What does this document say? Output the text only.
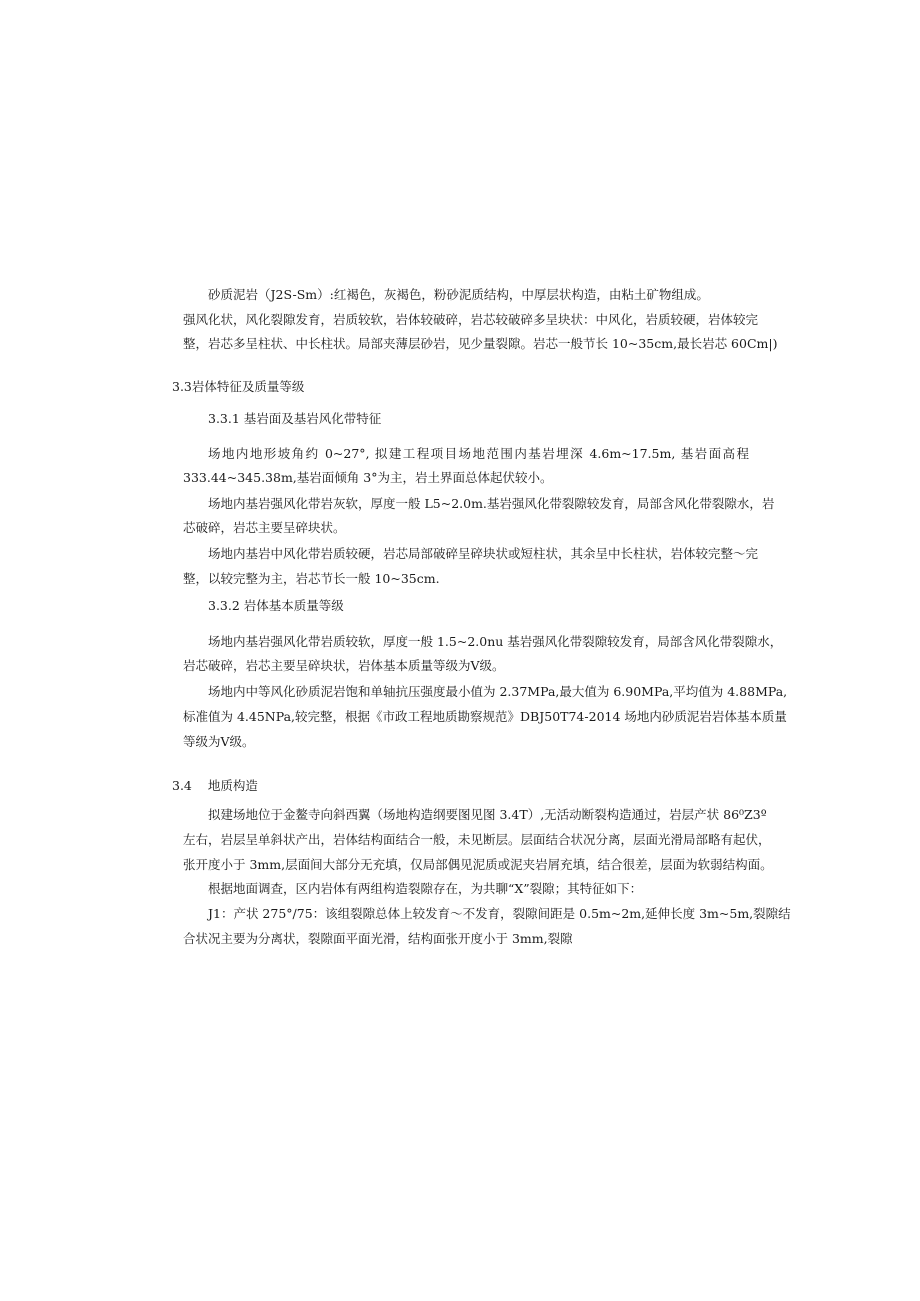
砂质泥岩（J2S-Sm）:红褐色，灰褐色，粉砂泥质结构，中厚层状构造，由粘土矿物组成。
强风化状，风化裂隙发育，岩质较软，岩体较破碎，岩芯较破碎多呈块状：中风化，岩质较硬，岩体较完
整，岩芯多呈柱状、中长柱状。局部夹薄层砂岩，见少量裂隙。岩芯一般节长 10~35cm,最长岩芯 60Cm|)
3.3岩体特征及质量等级
3.3.1 基岩面及基岩风化带特征
场地内地形坡角约 0~27°, 拟建工程项目场地范围内基岩埋深 4.6m~17.5m, 基岩面高程
333.44~345.38m,基岩面倾角 3°为主，岩土界面总体起伏较小。
场地内基岩强风化带岩灰软，厚度一般 L5~2.0m.基岩强风化带裂隙较发育，局部含风化带裂隙水，岩
芯破碎，岩芯主要呈碎块状。
场地内基岩中风化带岩质较硬，岩芯局部破碎呈碎块状或短柱状，其余呈中长柱状，岩体较完整～完
整，以较完整为主，岩芯节长一般 10~35cm.
3.3.2 岩体基本质量等级
场地内基岩强风化带岩质较软，厚度一般 1.5~2.0nu 基岩强风化带裂隙较发育，局部含风化带裂隙水，
岩芯破碎，岩芯主要呈碎块状，岩体基本质量等级为Ⅴ级。
场地内中等风化砂质泥岩饱和单轴抗压强度最小值为 2.37MPa,最大值为 6.90MPa,平均值为 4.88MPa,
标准值为 4.45NPa,较完整，根据《市政工程地质勘察规范》DBJ50T74-2014 场地内砂质泥岩岩体基本质量
等级为Ⅴ级。
3.4 地质构造
拟建场地位于金鳌寺向斜西翼（场地构造纲要图见图 3.4T）,无活动断裂构造通过，岩层产状 86⁰Z3º
左右，岩层呈单斜状产出，岩体结构面结合一般，未见断层。层面结合状况分离，层面光滑局部略有起伏，
张开度小于 3mm,层面间大部分无充填，仅局部偶见泥质或泥夹岩屑充填，结合很差，层面为软弱结构面。
根据地面调查，区内岩体有两组构造裂隙存在，为共聊“X”裂隙；其特征如下：
J1：产状 275°∕75：该组裂隙总体上较发育～不发育，裂隙间距是 0.5m~2m,延伸长度 3m~5m,裂隙结
合状况主要为分离状，裂隙面平面光滑，结构面张开度小于 3mm,裂隙
